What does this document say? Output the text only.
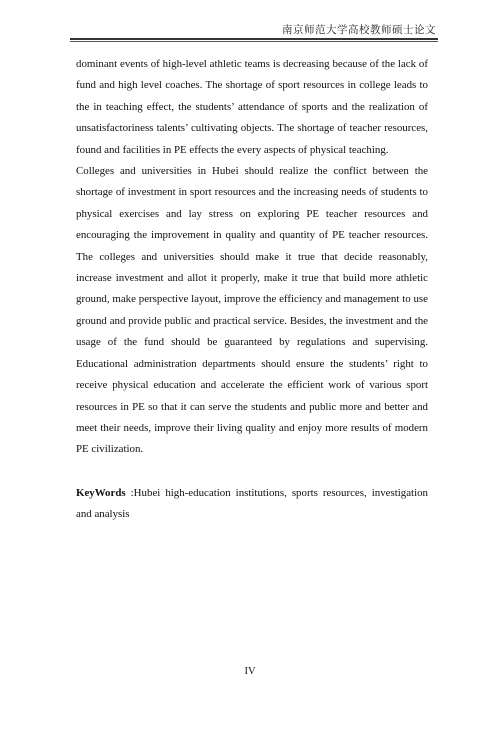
南京师范大学高校教师硕士论文

dominant events of high-level athletic teams is decreasing because of the lack of fund and high level coaches. The shortage of sport resources in college leads to the in teaching effect, the students’ attendance of sports and the realization of unsatisfactoriness talents’ cultivating objects. The shortage of teacher resources, found and facilities in PE effects the every aspects of physical teaching.

Colleges and universities in Hubei should realize the conflict between the shortage of investment in sport resources and the increasing needs of students to physical exercises and lay stress on exploring PE teacher resources and encouraging the improvement in quality and quantity of PE teacher resources. The colleges and universities should make it true that decide reasonably, increase investment and allot it properly, make it true that build more athletic ground, make perspective layout, improve the efficiency and management to use ground and provide public and practical service. Besides, the investment and the usage of the fund should be guaranteed by regulations and supervising. Educational administration departments should ensure the students’ right to receive physical education and accelerate the efficient work of various sport resources in PE so that it can serve the students and public more and better and meet their needs, improve their living quality and enjoy more results of modern PE civilization.

KeyWords :Hubei high-education institutions, sports resources, investigation and analysis

IV
